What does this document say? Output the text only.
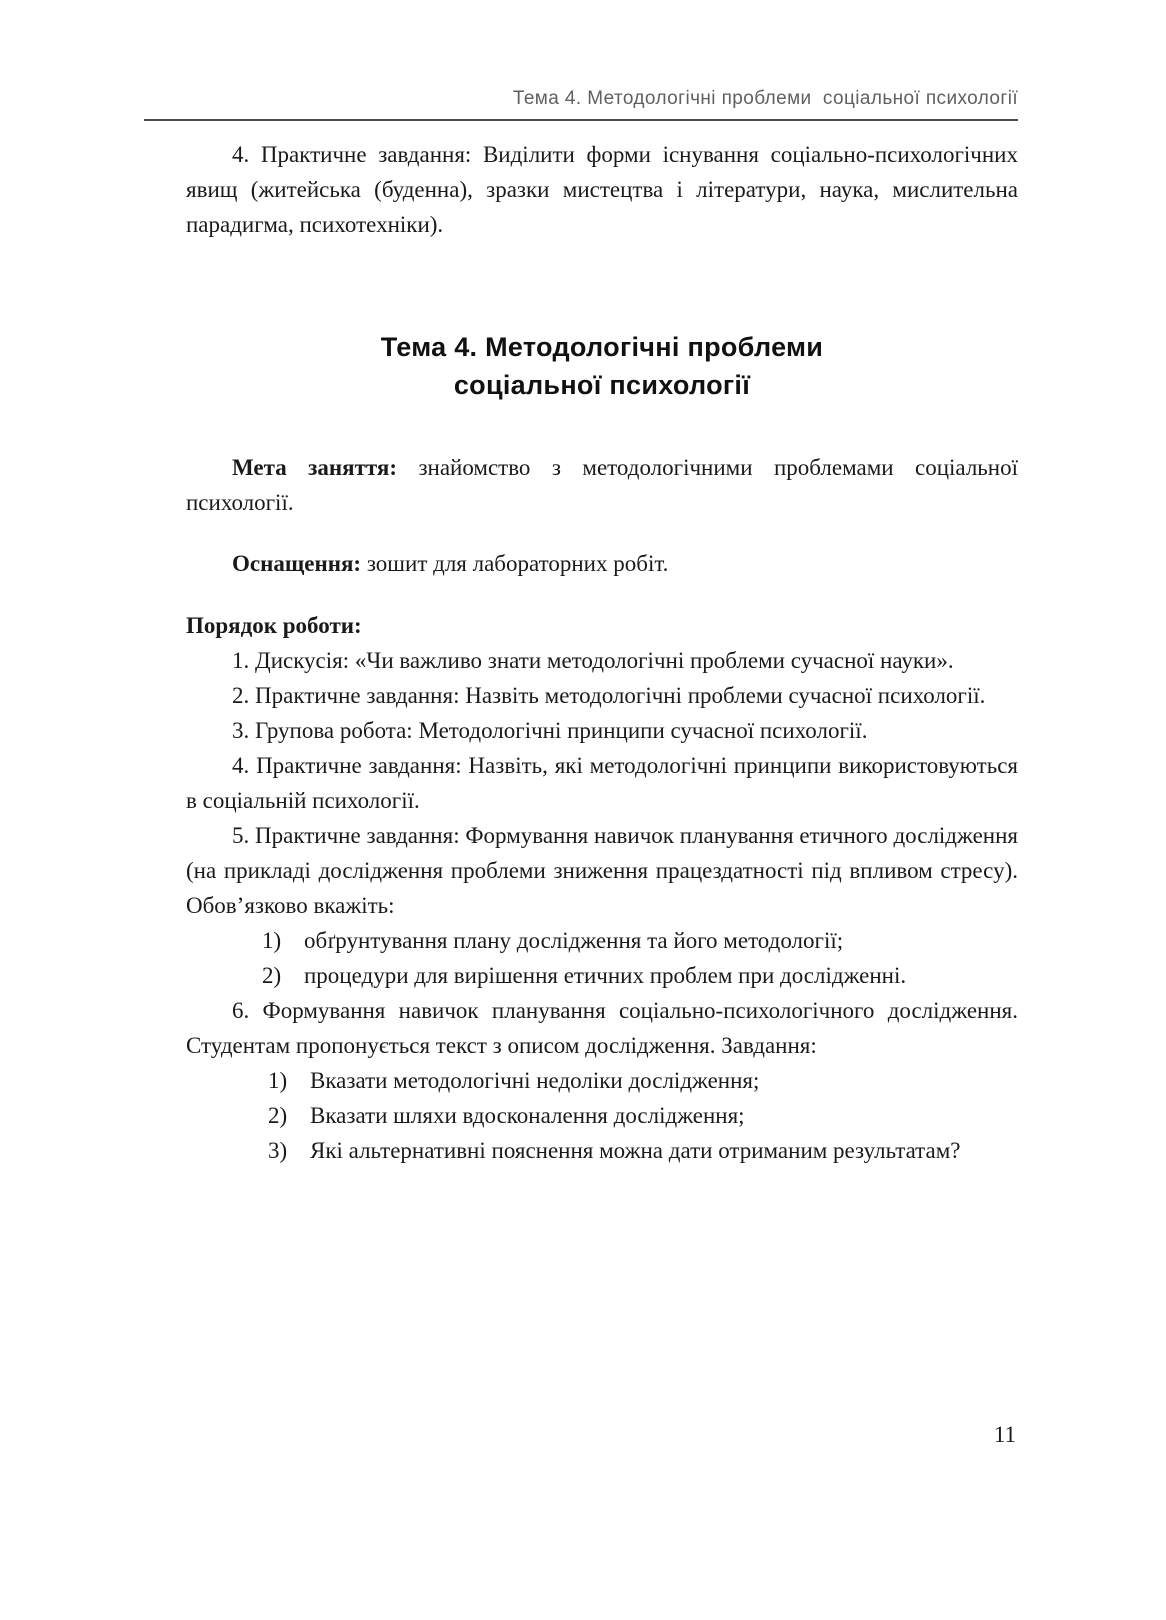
Тема 4. Методологічні проблеми  соціальної психології

4. Практичне завдання: Виділити форми існування соціально-психологічних явищ (житейська (буденна), зразки мистецтва і літератури, наука, мислительна парадигма, психотехніки).

Тема 4. Методологічні проблеми
соціальної психології

Мета заняття: знайомство з методологічними проблемами соціальної психології.

Оснащення: зошит для лабораторних робіт.

Порядок роботи:

1. Дискусія: «Чи важливо знати методологічні проблеми сучасної науки».

2. Практичне завдання: Назвіть методологічні проблеми сучасної психології.

3. Групова робота: Методологічні принципи сучасної психології.

4. Практичне завдання: Назвіть, які методологічні принципи використовуються в соціальній психології.

5. Практичне завдання: Формування навичок планування етичного дослідження (на прикладі дослідження проблеми зниження працездатності під впливом стресу). Обов’язково вкажіть:

1) обґрунтування плану дослідження та його методології;
2) процедури для вирішення етичних проблем при дослідженні.

6. Формування навичок планування соціально-психологічного дослідження. Студентам пропонується текст з описом дослідження. Завдання:

1) Вказати методологічні недоліки дослідження;
2) Вказати шляхи вдосконалення дослідження;
3) Які альтернативні пояснення можна дати отриманим результатам?
11
